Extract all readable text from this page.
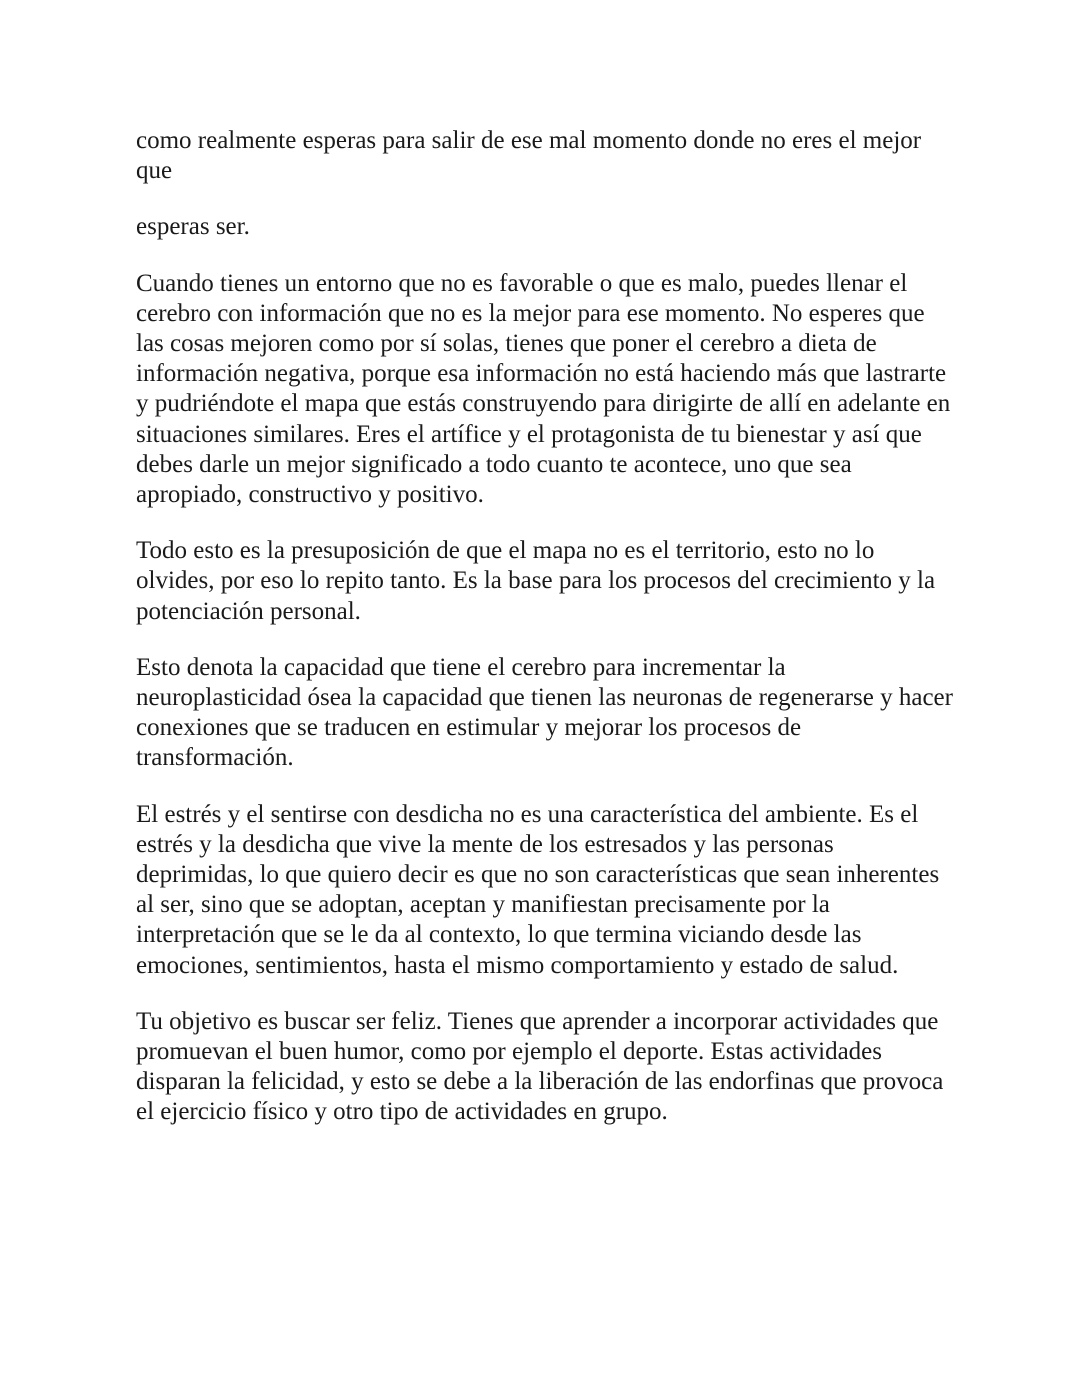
como realmente esperas para salir de ese mal momento donde no eres el mejor que

esperas ser.

Cuando tienes un entorno que no es favorable o que es malo, puedes llenar el cerebro con información que no es la mejor para ese momento. No esperes que las cosas mejoren como por sí solas, tienes que poner el cerebro a dieta de información negativa, porque esa información no está haciendo más que lastrarte y pudriéndote el mapa que estás construyendo para dirigirte de allí en adelante en situaciones similares. Eres el artífice y el protagonista de tu bienestar y así que debes darle un mejor significado a todo cuanto te acontece, uno que sea apropiado, constructivo y positivo.

Todo esto es la presuposición de que el mapa no es el territorio, esto no lo olvides, por eso lo repito tanto. Es la base para los procesos del crecimiento y la potenciación personal.

Esto denota la capacidad que tiene el cerebro para incrementar la neuroplasticidad ósea la capacidad que tienen las neuronas de regenerarse y hacer conexiones que se traducen en estimular y mejorar los procesos de transformación.

El estrés y el sentirse con desdicha no es una característica del ambiente. Es el estrés y la desdicha que vive la mente de los estresados y las personas deprimidas, lo que quiero decir es que no son características que sean inherentes al ser, sino que se adoptan, aceptan y manifiestan precisamente por la interpretación que se le da al contexto, lo que termina viciando desde las emociones, sentimientos, hasta el mismo comportamiento y estado de salud.

Tu objetivo es buscar ser feliz. Tienes que aprender a incorporar actividades que promuevan el buen humor, como por ejemplo el deporte. Estas actividades disparan la felicidad, y esto se debe a la liberación de las endorfinas que provoca el ejercicio físico y otro tipo de actividades en grupo.
